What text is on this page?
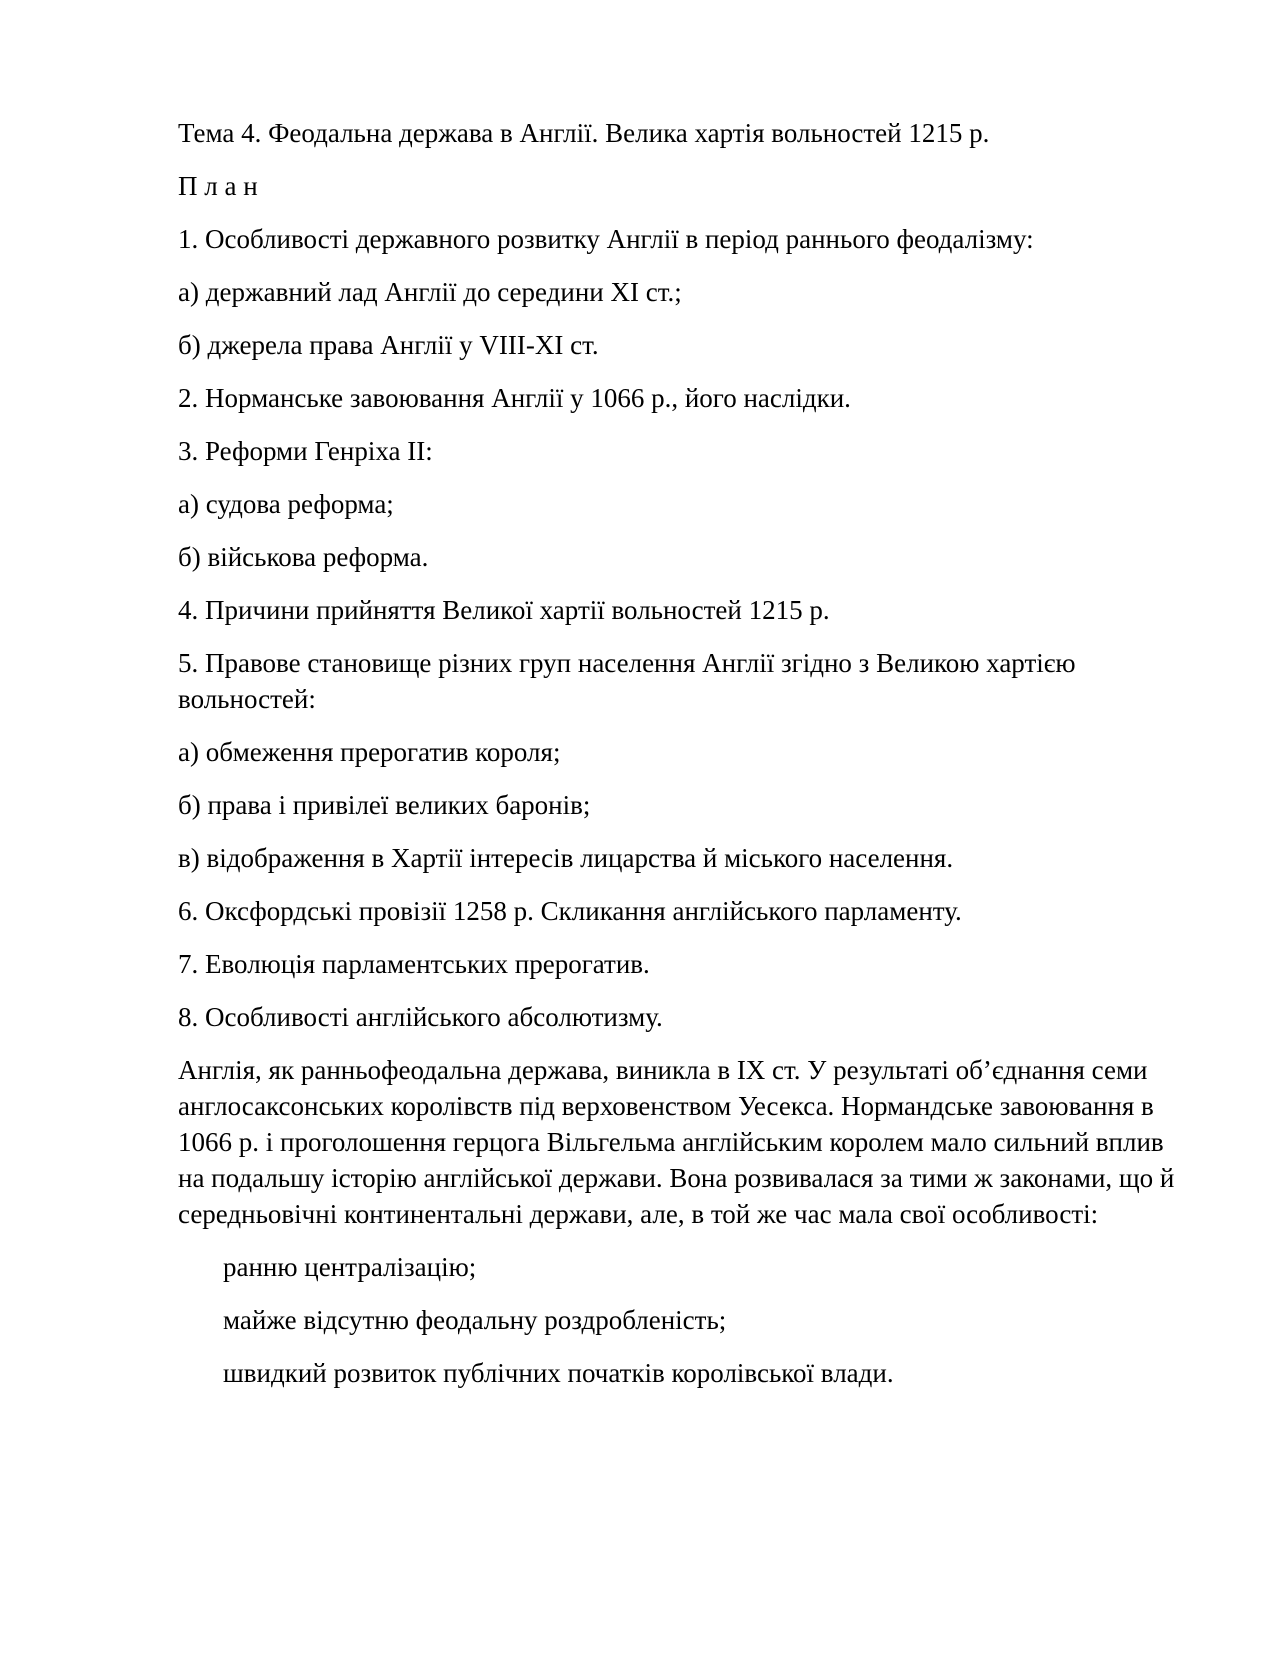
Тема 4. Феодальна держава в Англії. Велика хартія вольностей 1215 р.

П л а н

1. Особливості державного розвитку Англії в період раннього феодалізму:

а) державний лад Англії до середини ХІ ст.;

б) джерела права Англії у VIII-XI ст.

2. Норманське завоювання Англії у 1066 р., його наслідки.

3. Реформи Генріха II:

а) судова реформа;

б) військова реформа.

4. Причини прийняття Великої хартії вольностей 1215 р.

5. Правове становище різних груп населення Англії згідно з Великою хартією вольностей:

а) обмеження прерогатив короля;

б) права і привілеї великих баронів;

в) відображення в Хартії інтересів лицарства й міського населення.

6. Оксфордські провізії 1258 р. Скликання англійського парламенту.

7. Еволюція парламентських прерогатив.

8. Особливості англійського абсолютизму.

Англія, як ранньофеодальна держава, виникла в IX ст. У результаті об’єднання семи англосаксонських королівств під верховенством Уесекса. Нормандське завоювання в 1066 р. і проголошення герцога Вільгельма англійським королем мало сильний вплив на подальшу історію англійської держави. Вона розвивалася за тими ж законами, що й середньовічні континентальні держави, але, в той же час мала свої особливості:

ранню централізацію;

майже відсутню феодальну роздробленість;

швидкий розвиток публічних початків королівської влади.
